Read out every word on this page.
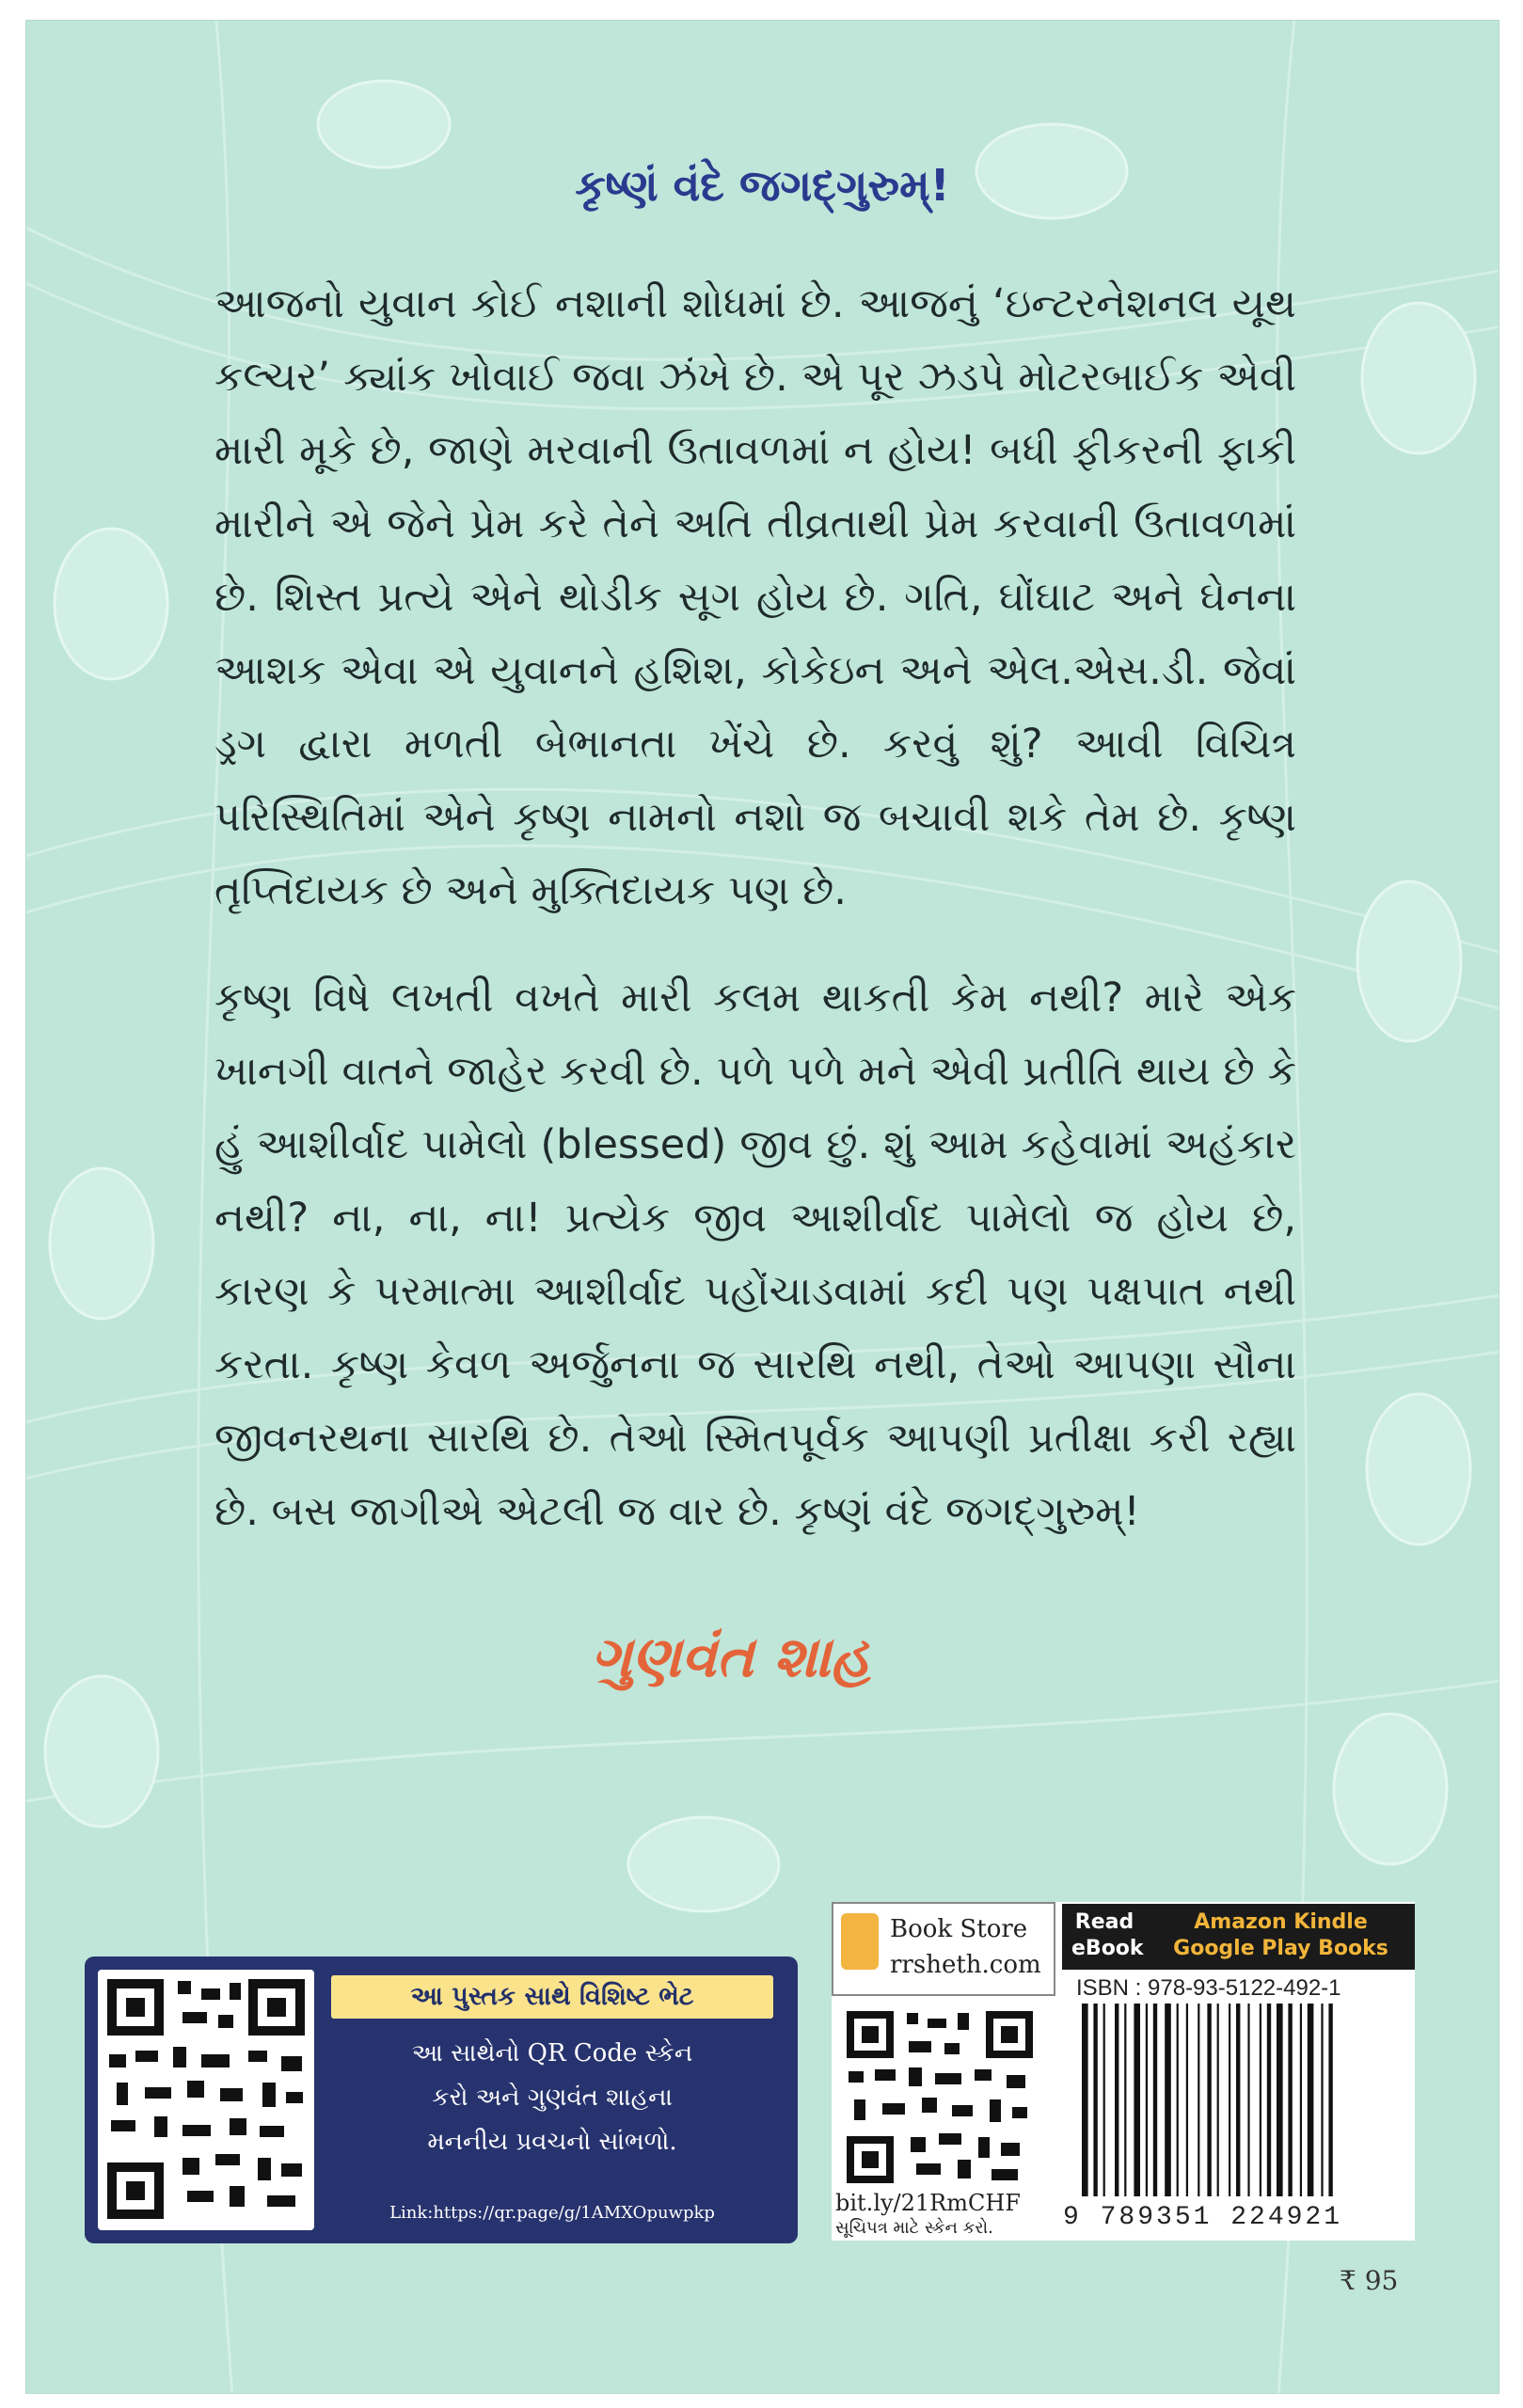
કૃષ્ણં વંદે જગદ્ગુરુમ્!

આજનો યુવાન કોઈ નશાની શોધમાં છે. આજનું ‘ઇન્ટરનેશનલ યૂથ કલ્ચર’ ક્યાંક ખોવાઈ જવા ઝંખે છે. એ પૂર ઝડપે મોટરબાઈક એવી મારી મૂકે છે, જાણે મરવાની ઉતાવળમાં ન હોય! બધી ફીકરની ફાકી મારીને એ જેને પ્રેમ કરે તેને અતિ તીવ્રતાથી પ્રેમ કરવાની ઉતાવળમાં છે. શિસ્ત પ્રત્યે એને થોડીક સૂગ હોય છે. ગતિ, ઘોંઘાટ અને ઘેનના આશક એવા એ યુવાનને હશિશ, કોકેઇન અને એલ.એસ.ડી. જેવાં ડ્રગ દ્વારા મળતી બેભાનતા ખેંચે છે. કરવું શું? આવી વિચિત્ર પરિસ્થિતિમાં એને કૃષ્ણ નામનો નશો જ બચાવી શકે તેમ છે. કૃષ્ણ તૃપ્તિદાયક છે અને મુક્તિદાયક પણ છે.

કૃષ્ણ વિષે લખતી વખતે મારી કલમ થાકતી કેમ નથી? મારે એક ખાનગી વાતને જાહેર કરવી છે. પળે પળે મને એવી પ્રતીતિ થાય છે કે હું આશીર્વાદ પામેલો (blessed) જીવ છું. શું આમ કહેવામાં અહંકાર નથી? ના, ના, ના! પ્રત્યેક જીવ આશીર્વાદ પામેલો જ હોય છે, કારણ કે પરમાત્મા આશીર્વાદ પહોંચાડવામાં કદી પણ પક્ષપાત નથી કરતા. કૃષ્ણ કેવળ અર્જુનના જ સારથિ નથી, તેઓ આપણા સૌના જીવનરથના સારથિ છે. તેઓ સ્મિતપૂર્વક આપણી પ્રતીક્ષા કરી રહ્યા છે. બસ જાગીએ એટલી જ વાર છે. કૃષ્ણં વંદે જગદ્ગુરુમ્!

ગુણવંત શાહ
આ પુસ્તક સાથે વિશિષ્ટ ભેટ
આ સાથેનો QR Code સ્કેન
કરો અને ગુણવંત શાહના
મનનીય પ્રવચનો સાંભળો.
Link:https://qr.page/g/1AMXOpuwpkp
Book Store
rrsheth.com
Read
eBook
Amazon Kindle
Google Play Books
ISBN : 978-93-5122-492-1
bit.ly/21RmCHF
સૂચિપત્ર માટે સ્કેન કરો.	9 789351 224921
₹ 95
